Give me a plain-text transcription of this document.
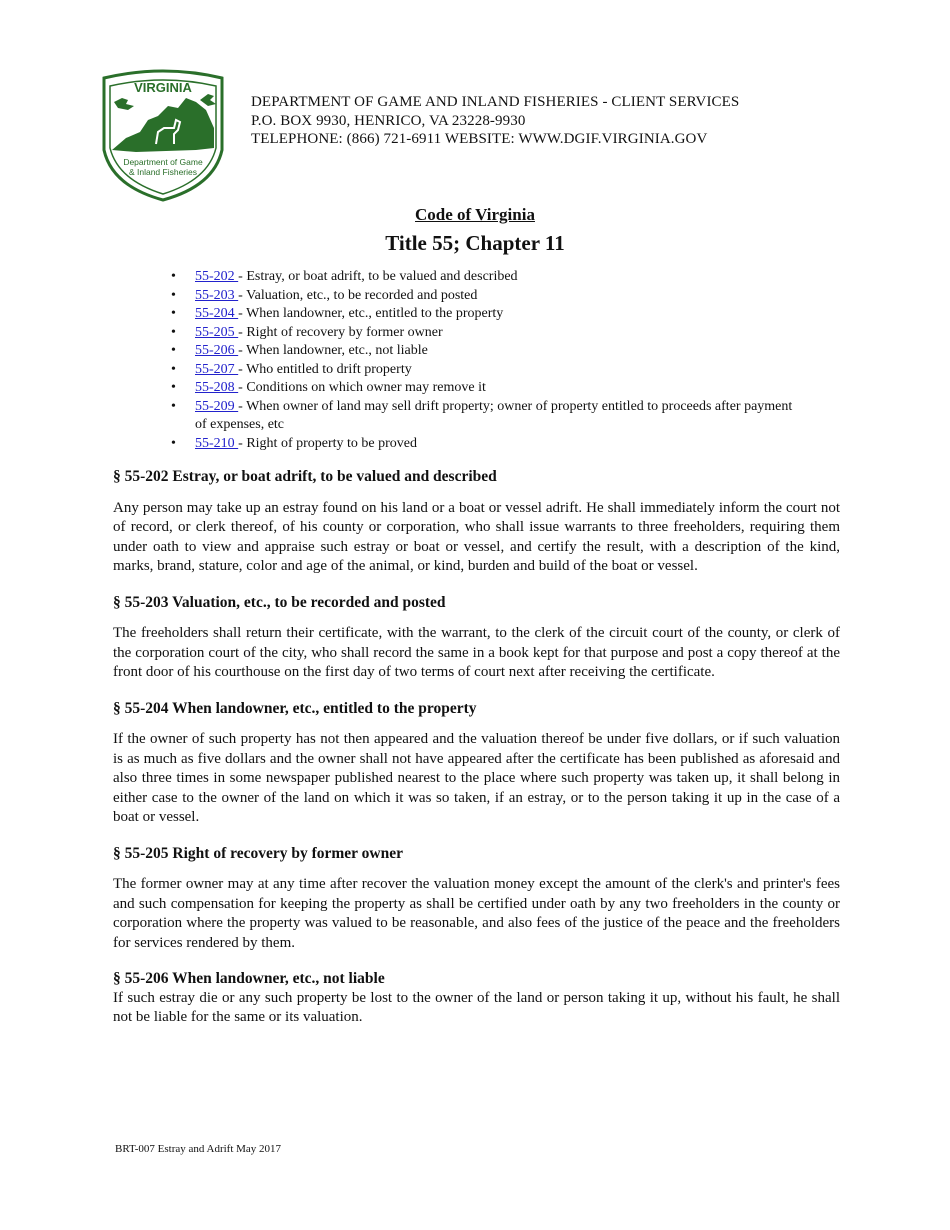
VIRGINIA
Department of Game
& Inland Fisheries
DEPARTMENT OF GAME AND INLAND FISHERIES - CLIENT SERVICES
P.O. BOX 9930, HENRICO, VA 23228-9930
TELEPHONE: (866) 721-6911 WEBSITE: WWW.DGIF.VIRGINIA.GOV
Code of Virginia
Title 55; Chapter 11
• 55-202 - Estray, or boat adrift, to be valued and described
• 55-203 - Valuation, etc., to be recorded and posted
• 55-204 - When landowner, etc., entitled to the property
• 55-205 - Right of recovery by former owner
• 55-206 - When landowner, etc., not liable
• 55-207 - Who entitled to drift property
• 55-208 - Conditions on which owner may remove it
• 55-209 - When owner of land may sell drift property; owner of property entitled to proceeds after payment of expenses, etc
• 55-210 - Right of property to be proved
§ 55-202 Estray, or boat adrift, to be valued and described

Any person may take up an estray found on his land or a boat or vessel adrift. He shall immediately inform the court not of record, or clerk thereof, of his county or corporation, who shall issue warrants to three freeholders, requiring them under oath to view and appraise such estray or boat or vessel, and certify the result, with a description of the kind, marks, brand, stature, color and age of the animal, or kind, burden and build of the boat or vessel.

§ 55-203 Valuation, etc., to be recorded and posted

The freeholders shall return their certificate, with the warrant, to the clerk of the circuit court of the county, or clerk of the corporation court of the city, who shall record the same in a book kept for that purpose and post a copy thereof at the front door of his courthouse on the first day of two terms of court next after receiving the certificate.

§ 55-204 When landowner, etc., entitled to the property

If the owner of such property has not then appeared and the valuation thereof be under five dollars, or if such valuation is as much as five dollars and the owner shall not have appeared after the certificate has been published as aforesaid and also three times in some newspaper published nearest to the place where such property was taken up, it shall belong in either case to the owner of the land on which it was so taken, if an estray, or to the person taking it up in the case of a boat or vessel.

§ 55-205 Right of recovery by former owner

The former owner may at any time after recover the valuation money except the amount of the clerk's and printer's fees and such compensation for keeping the property as shall be certified under oath by any two freeholders in the county or corporation where the property was valued to be reasonable, and also fees of the justice of the peace and the freeholders for services rendered by them.

§ 55-206 When landowner, etc., not liable

If such estray die or any such property be lost to the owner of the land or person taking it up, without his fault, he shall not be liable for the same or its valuation.

BRT-007 Estray and Adrift May 2017
